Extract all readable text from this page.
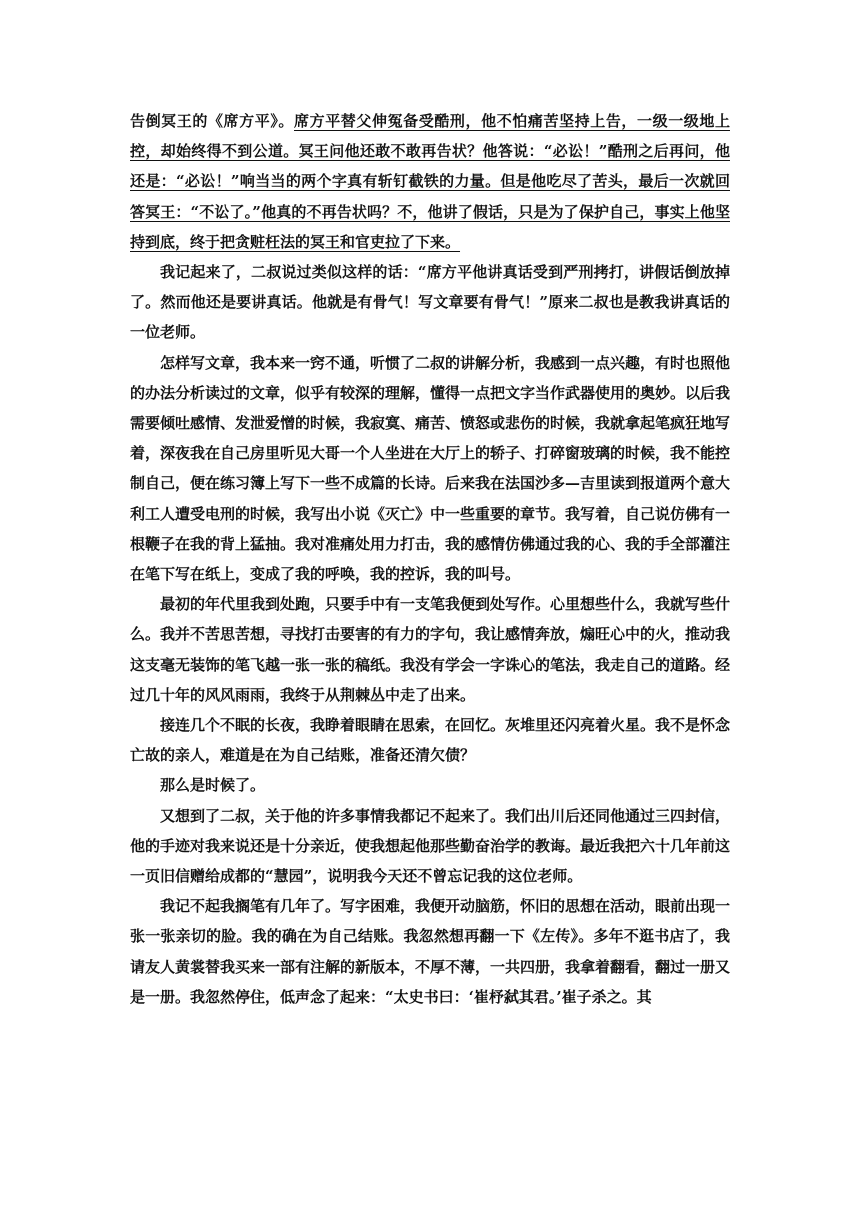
告倒冥王的《席方平》。席方平替父伸冤备受酷刑，他不怕痛苦坚持上告，一级一级地上控，却始终得不到公道。冥王问他还敢不敢再告状？他答说：“必讼！”酷刑之后再问，他还是：“必讼！”响当当的两个字真有斩钉截铁的力量。但是他吃尽了苦头，最后一次就回答冥王：“不讼了。”他真的不再告状吗？不，他讲了假话，只是为了保护自己，事实上他坚持到底，终于把贪赃枉法的冥王和官吏拉了下来。

我记起来了，二叔说过类似这样的话：“席方平他讲真话受到严刑拷打，讲假话倒放掉了。然而他还是要讲真话。他就是有骨气！写文章要有骨气！”原来二叔也是教我讲真话的一位老师。

怎样写文章，我本来一窍不通，听惯了二叔的讲解分析，我感到一点兴趣，有时也照他的办法分析读过的文章，似乎有较深的理解，懂得一点把文字当作武器使用的奥妙。以后我需要倾吐感情、发泄爱憎的时候，我寂寞、痛苦、愤怒或悲伤的时候，我就拿起笔疯狂地写着，深夜我在自己房里听见大哥一个人坐进在大厅上的轿子、打碎窗玻璃的时候，我不能控制自己，便在练习簿上写下一些不成篇的长诗。后来我在法国沙多—吉里读到报道两个意大利工人遭受电刑的时候，我写出小说《灭亡》中一些重要的章节。我写着，自己说仿佛有一根鞭子在我的背上猛抽。我对准痛处用力打击，我的感情仿佛通过我的心、我的手全部灌注在笔下写在纸上，变成了我的呼唤，我的控诉，我的叫号。

最初的年代里我到处跑，只要手中有一支笔我便到处写作。心里想些什么，我就写些什么。我并不苦思苦想，寻找打击要害的有力的字句，我让感情奔放，煽旺心中的火，推动我这支毫无装饰的笔飞越一张一张的稿纸。我没有学会一字诛心的笔法，我走自己的道路。经过几十年的风风雨雨，我终于从荆棘丛中走了出来。

接连几个不眠的长夜，我睁着眼睛在思索，在回忆。灰堆里还闪亮着火星。我不是怀念亡故的亲人，难道是在为自己结账，准备还清欠债？

那么是时候了。

又想到了二叔，关于他的许多事情我都记不起来了。我们出川后还同他通过三四封信，他的手迹对我来说还是十分亲近，使我想起他那些勤奋治学的教诲。最近我把六十几年前这一页旧信赠给成都的“慧园”，说明我今天还不曾忘记我的这位老师。

我记不起我搁笔有几年了。写字困难，我便开动脑筋，怀旧的思想在活动，眼前出现一张一张亲切的脸。我的确在为自己结账。我忽然想再翻一下《左传》。多年不逛书店了，我请友人黄裳替我买来一部有注解的新版本，不厚不薄，一共四册，我拿着翻看，翻过一册又是一册。我忽然停住，低声念了起来：“太史书曰：‘崔杼弑其君。’崔子杀之。其
